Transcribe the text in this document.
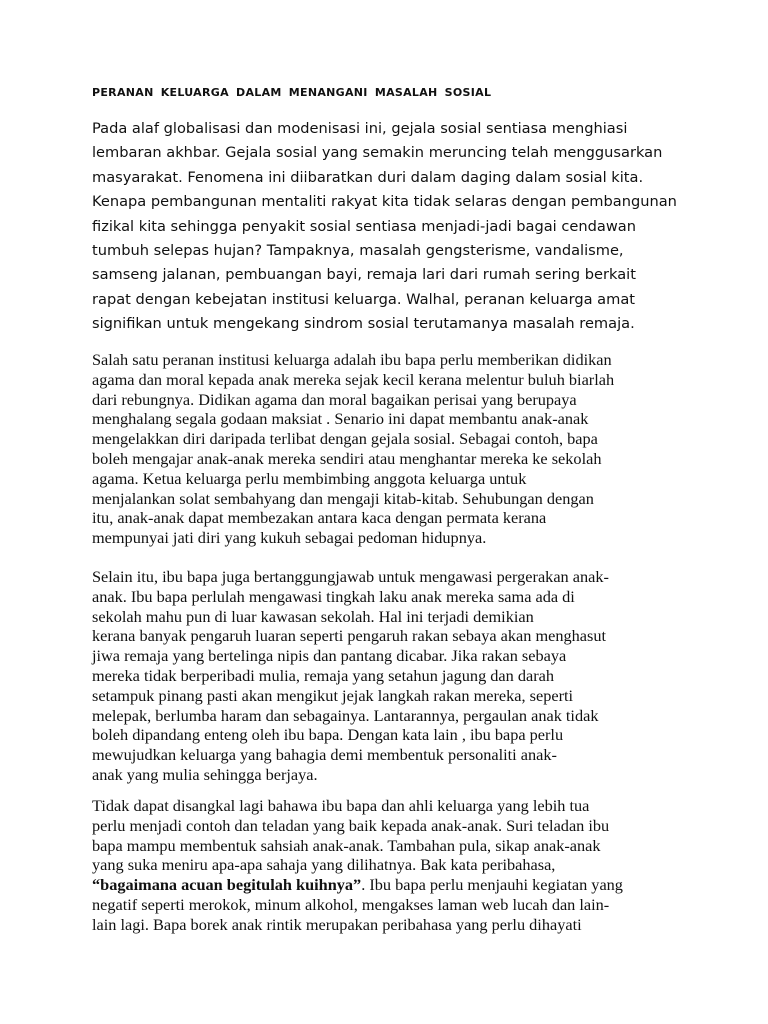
PERANAN KELUARGA DALAM MENANGANI MASALAH SOSIAL

Pada alaf globalisasi dan modenisasi ini, gejala sosial sentiasa menghiasi
lembaran akhbar. Gejala sosial yang semakin meruncing telah menggusarkan
masyarakat. Fenomena ini diibaratkan duri dalam daging dalam sosial kita.
Kenapa pembangunan mentaliti rakyat kita tidak selaras dengan pembangunan
fizikal kita sehingga penyakit sosial sentiasa menjadi-jadi bagai cendawan
tumbuh selepas hujan? Tampaknya, masalah gengsterisme, vandalisme,
samseng jalanan, pembuangan bayi, remaja lari dari rumah sering berkait
rapat dengan kebejatan institusi keluarga. Walhal, peranan keluarga amat
signifikan untuk mengekang sindrom sosial terutamanya masalah remaja.

Salah satu peranan institusi keluarga adalah ibu bapa perlu memberikan didikan
agama dan moral kepada anak mereka sejak kecil kerana melentur buluh biarlah
dari rebungnya. Didikan agama dan moral bagaikan perisai yang berupaya
menghalang segala godaan maksiat . Senario ini dapat membantu anak-anak
mengelakkan diri daripada terlibat dengan gejala sosial. Sebagai contoh, bapa
boleh mengajar anak-anak mereka sendiri atau menghantar mereka ke sekolah
agama. Ketua keluarga perlu membimbing anggota keluarga untuk
menjalankan solat sembahyang dan mengaji kitab-kitab. Sehubungan dengan
itu, anak-anak dapat membezakan antara kaca dengan permata kerana
mempunyai jati diri yang kukuh sebagai pedoman hidupnya.

Selain itu, ibu bapa juga bertanggungjawab untuk mengawasi pergerakan anak-
anak. Ibu bapa perlulah mengawasi tingkah laku anak mereka sama ada di
sekolah mahu pun di luar kawasan sekolah. Hal ini terjadi demikian
kerana banyak pengaruh luaran seperti pengaruh rakan sebaya akan menghasut
jiwa remaja yang bertelinga nipis dan pantang dicabar. Jika rakan sebaya
mereka tidak berperibadi mulia, remaja yang setahun jagung dan darah
setampuk pinang pasti akan mengikut jejak langkah rakan mereka, seperti
melepak, berlumba haram dan sebagainya. Lantarannya, pergaulan anak tidak
boleh dipandang enteng oleh ibu bapa. Dengan kata lain , ibu bapa perlu
mewujudkan keluarga yang bahagia demi membentuk personaliti anak-
anak yang mulia sehingga berjaya.

Tidak dapat disangkal lagi bahawa ibu bapa dan ahli keluarga yang lebih tua
perlu menjadi contoh dan teladan yang baik kepada anak-anak. Suri teladan ibu
bapa mampu membentuk sahsiah anak-anak. Tambahan pula, sikap anak-anak
yang suka meniru apa-apa sahaja yang dilihatnya. Bak kata peribahasa,
“bagaimana acuan begitulah kuihnya”. Ibu bapa perlu menjauhi kegiatan yang
negatif seperti merokok, minum alkohol, mengakses laman web lucah dan lain-
lain lagi. Bapa borek anak rintik merupakan peribahasa yang perlu dihayati
